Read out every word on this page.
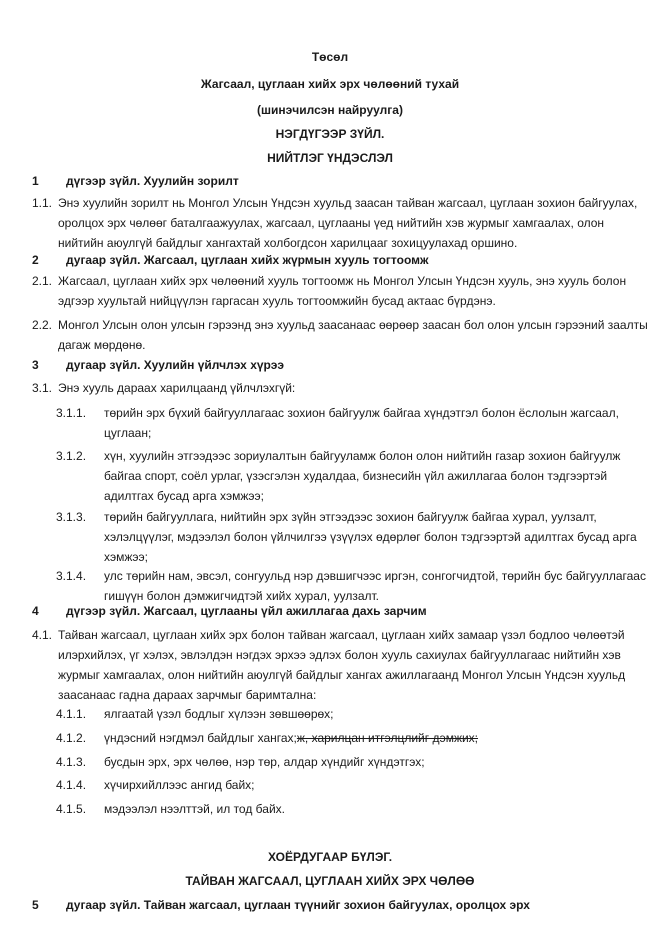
Төсөл
Жагсаал, цуглаан хийх эрх чөлөөний тухай
(шинэчилсэн найруулга)
НЭГДҮГЭЭР ЗҮЙЛ.
НИЙТЛЭГ ҮНДЭСЛЭЛ
1 дүгээр зүйл. Хуулийн зорилт
1.1. Энэ хуулийн зорилт нь Монгол Улсын Үндсэн хуульд заасан тайван жагсаал, цуглаан зохион байгуулах,
оролцох эрх чөлөөг баталгаажуулах, жагсаал, цуглааны үед нийтийн хэв журмыг хамгаалах, олон
нийтийн аюулгүй байдлыг хангахтай холбогдсон харилцааг зохицуулахад оршино.
2 дугаар зүйл. Жагсаал, цуглаан хийх жүрмын хууль тогтоомж
2.1. Жагсаал, цуглаан хийх эрх чөлөөний хууль тогтоомж нь Монгол Улсын Үндсэн хууль, энэ хууль болон
эдгээр хуультай нийцүүлэн гаргасан хууль тогтоомжийн бусад актаас бүрдэнэ.
2.2. Монгол Улсын олон улсын гэрээнд энэ хуульд заасанаас өөрөөр заасан бол олон улсын гэрээний заалты
дагаж мөрдөнө.
3 дугаар зүйл. Хуулийн үйлчлэх хүрээ
3.1. Энэ хууль дараах харилцаанд үйлчлэхгүй:
3.1.1. төрийн эрх бүхий байгууллагаас зохион байгуулж байгаа хүндэтгэл болон ёслолын жагсаал,
цуглаан;
3.1.2. хүн, хуулийн этгээдээс зориулалтын байгууламж болон олон нийтийн газар зохион байгуулж
байгаа спорт, соёл урлаг, үзэсгэлэн худалдаа, бизнесийн үйл ажиллагаа болон тэдгээртэй
адилтгах бусад арга хэмжээ;
3.1.3. төрийн байгууллага, нийтийн эрх зүйн этгээдээс зохион байгуулж байгаа хурал, уулзалт,
хэлэлцүүлэг, мэдээлэл болон үйлчилгээ үзүүлэх өдөрлөг болон тэдгээртэй адилтгах бусад арга
хэмжээ;
3.1.4. улс төрийн нам, эвсэл, сонгуульд нэр дэвшигчээс иргэн, сонгогчидтой, төрийн бус байгууллагаас
гишүүн болон дэмжигчидтэй хийх хурал, уулзалт.
4 дүгээр зүйл. Жагсаал, цуглааны үйл ажиллагаа дахь зарчим
4.1. Тайван жагсаал, цуглаан хийх эрх болон тайван жагсаал, цуглаан хийх замаар үзэл бодлоо чөлөөтэй
илэрхийлэх, үг хэлэх, эвлэлдэн нэгдэх эрхээ эдлэх болон хууль сахиулах байгууллагаас нийтийн хэв
журмыг хамгаалах, олон нийтийн аюулгүй байдлыг хангах ажиллагаанд Монгол Улсын Үндсэн хуульд
заасанаас гадна дараах зарчмыг баримтална:
4.1.1. ялгаатай үзэл бодлыг хүлээн зөвшөөрөх;
4.1.2. үндэсний нэгдмэл байдлыг хангах;ж, харилцан итгэлцлийг дэмжих;
4.1.3. бусдын эрх, эрх чөлөө, нэр төр, алдар хүндийг хүндэтгэх;
4.1.4. хүчирхийллээс ангид байх;
4.1.5. мэдээлэл нээлттэй, ил тод байх.
ХОЁРДУГААР БҮЛЭГ.
ТАЙВАН ЖАГСААЛ, ЦУГЛААН ХИЙХ ЭРХ ЧӨЛӨӨ
5 дугаар зүйл. Тайван жагсаал, цуглаан түүнийг зохион байгуулах, оролцох эрх
